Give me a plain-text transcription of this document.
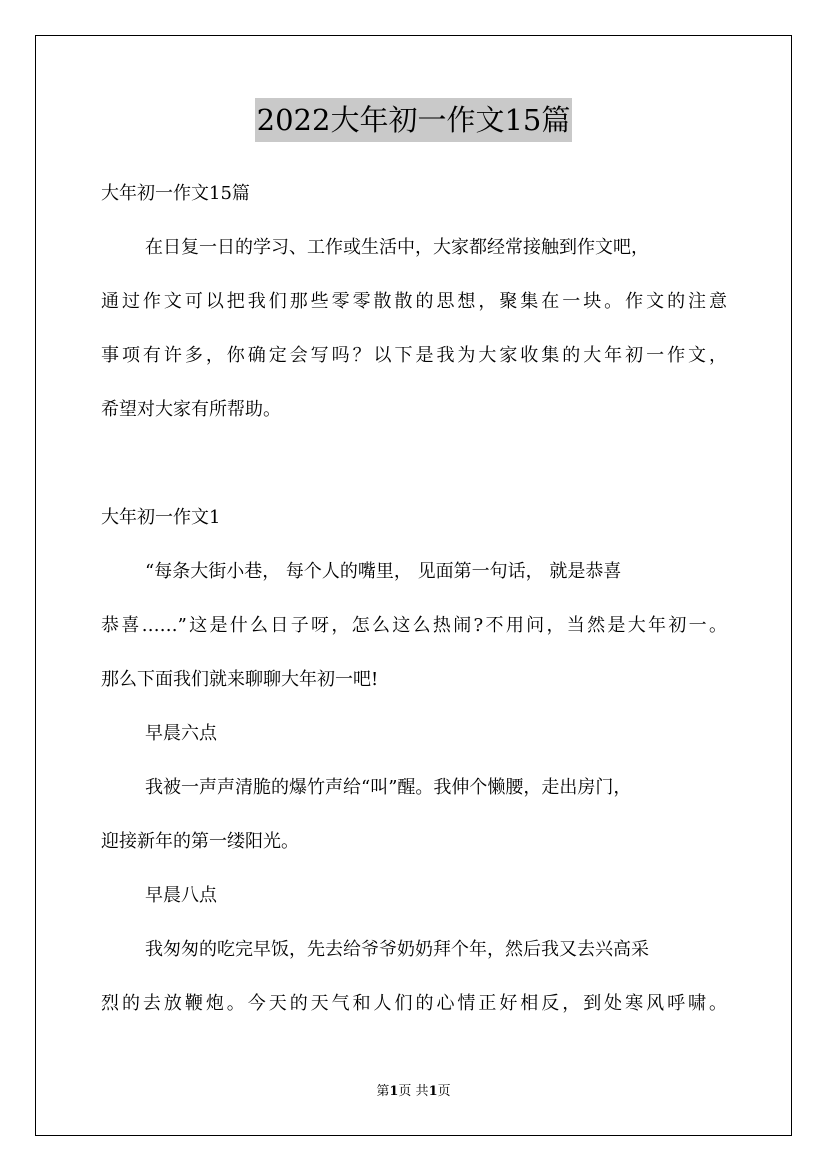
2022大年初一作文15篇
大年初一作文15篇
在日复一日的学习、工作或生活中，大家都经常接触到作文吧，
通过作文可以把我们那些零零散散的思想，聚集在一块。作文的注意
事项有许多，你确定会写吗？以下是我为大家收集的大年初一作文，
希望对大家有所帮助。
大年初一作文1
“每条大街小巷， 每个人的嘴里， 见面第一句话， 就是恭喜
恭喜……”这是什么日子呀，怎么这么热闹?不用问，当然是大年初一。
那么下面我们就来聊聊大年初一吧!
早晨六点
我被一声声清脆的爆竹声给“叫”醒。我伸个懒腰，走出房门，
迎接新年的第一缕阳光。
早晨八点
我匆匆的吃完早饭，先去给爷爷奶奶拜个年，然后我又去兴高采
烈的去放鞭炮。今天的天气和人们的心情正好相反，到处寒风呼啸。
第1页 共1页
